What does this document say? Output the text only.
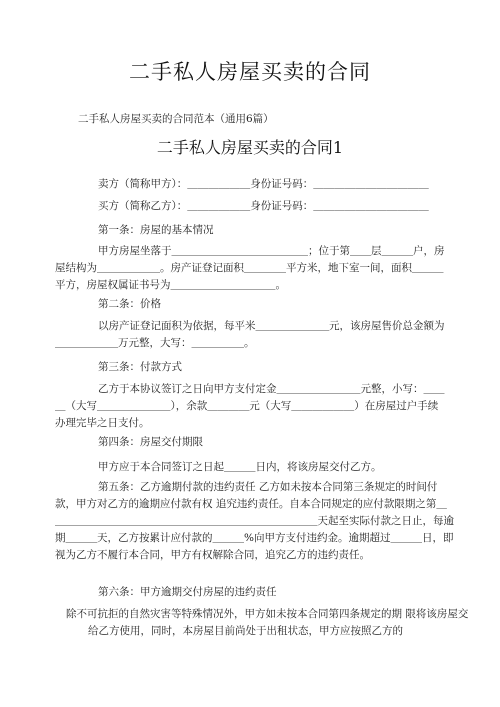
二手私人房屋买卖的合同
二手私人房屋买卖的合同范本（通用6篇）
二手私人房屋买卖的合同1
卖方（简称甲方）：＿＿＿＿＿＿身份证号码：＿＿＿＿＿＿＿＿＿＿＿
买方（简称乙方）：＿＿＿＿＿＿身份证号码：＿＿＿＿＿＿＿＿＿＿＿
第一条：房屋的基本情况
甲方房屋坐落于＿＿＿＿＿＿＿＿＿＿＿＿＿；位于第＿＿层＿＿＿户，房屋结构为＿＿＿＿＿＿。房产证登记面积＿＿＿＿平方米，地下室一间，面积＿＿＿平方，房屋权属证书号为＿＿＿＿＿＿＿＿＿＿。
第二条：价格
以房产证登记面积为依据，每平米＿＿＿＿＿＿＿元，该房屋售价总金额为＿＿＿＿＿＿万元整，大写：＿＿＿＿＿。
第三条：付款方式
乙方于本协议签订之日向甲方支付定金＿＿＿＿＿＿＿＿元整，小写：＿＿＿（大写＿＿＿＿＿＿＿），余款＿＿＿＿元（大写＿＿＿＿＿＿）在房屋过户手续办理完毕之日支付。
第四条：房屋交付期限
甲方应于本合同签订之日起＿＿＿日内，将该房屋交付乙方。
第五条：乙方逾期付款的违约责任 乙方如未按本合同第三条规定的时间付款，甲方对乙方的逾期应付款有权 追究违约责任。自本合同规定的应付款限期之第＿＿＿＿＿＿＿＿＿＿＿＿＿＿＿＿＿＿＿＿＿＿＿＿＿＿天起至实际付款之日止，每逾期＿＿＿天，乙方按累计应付款的＿＿＿%向甲方支付违约金。逾期超过＿＿＿日，即视为乙方不履行本合同，甲方有权解除合同，追究乙方的违约责任。
第六条：甲方逾期交付房屋的违约责任
除不可抗拒的自然灾害等特殊情况外，甲方如未按本合同第四条规定的期 限将该房屋交给乙方使用，同时，本房屋目前尚处于出租状态，甲方应按照乙方的
